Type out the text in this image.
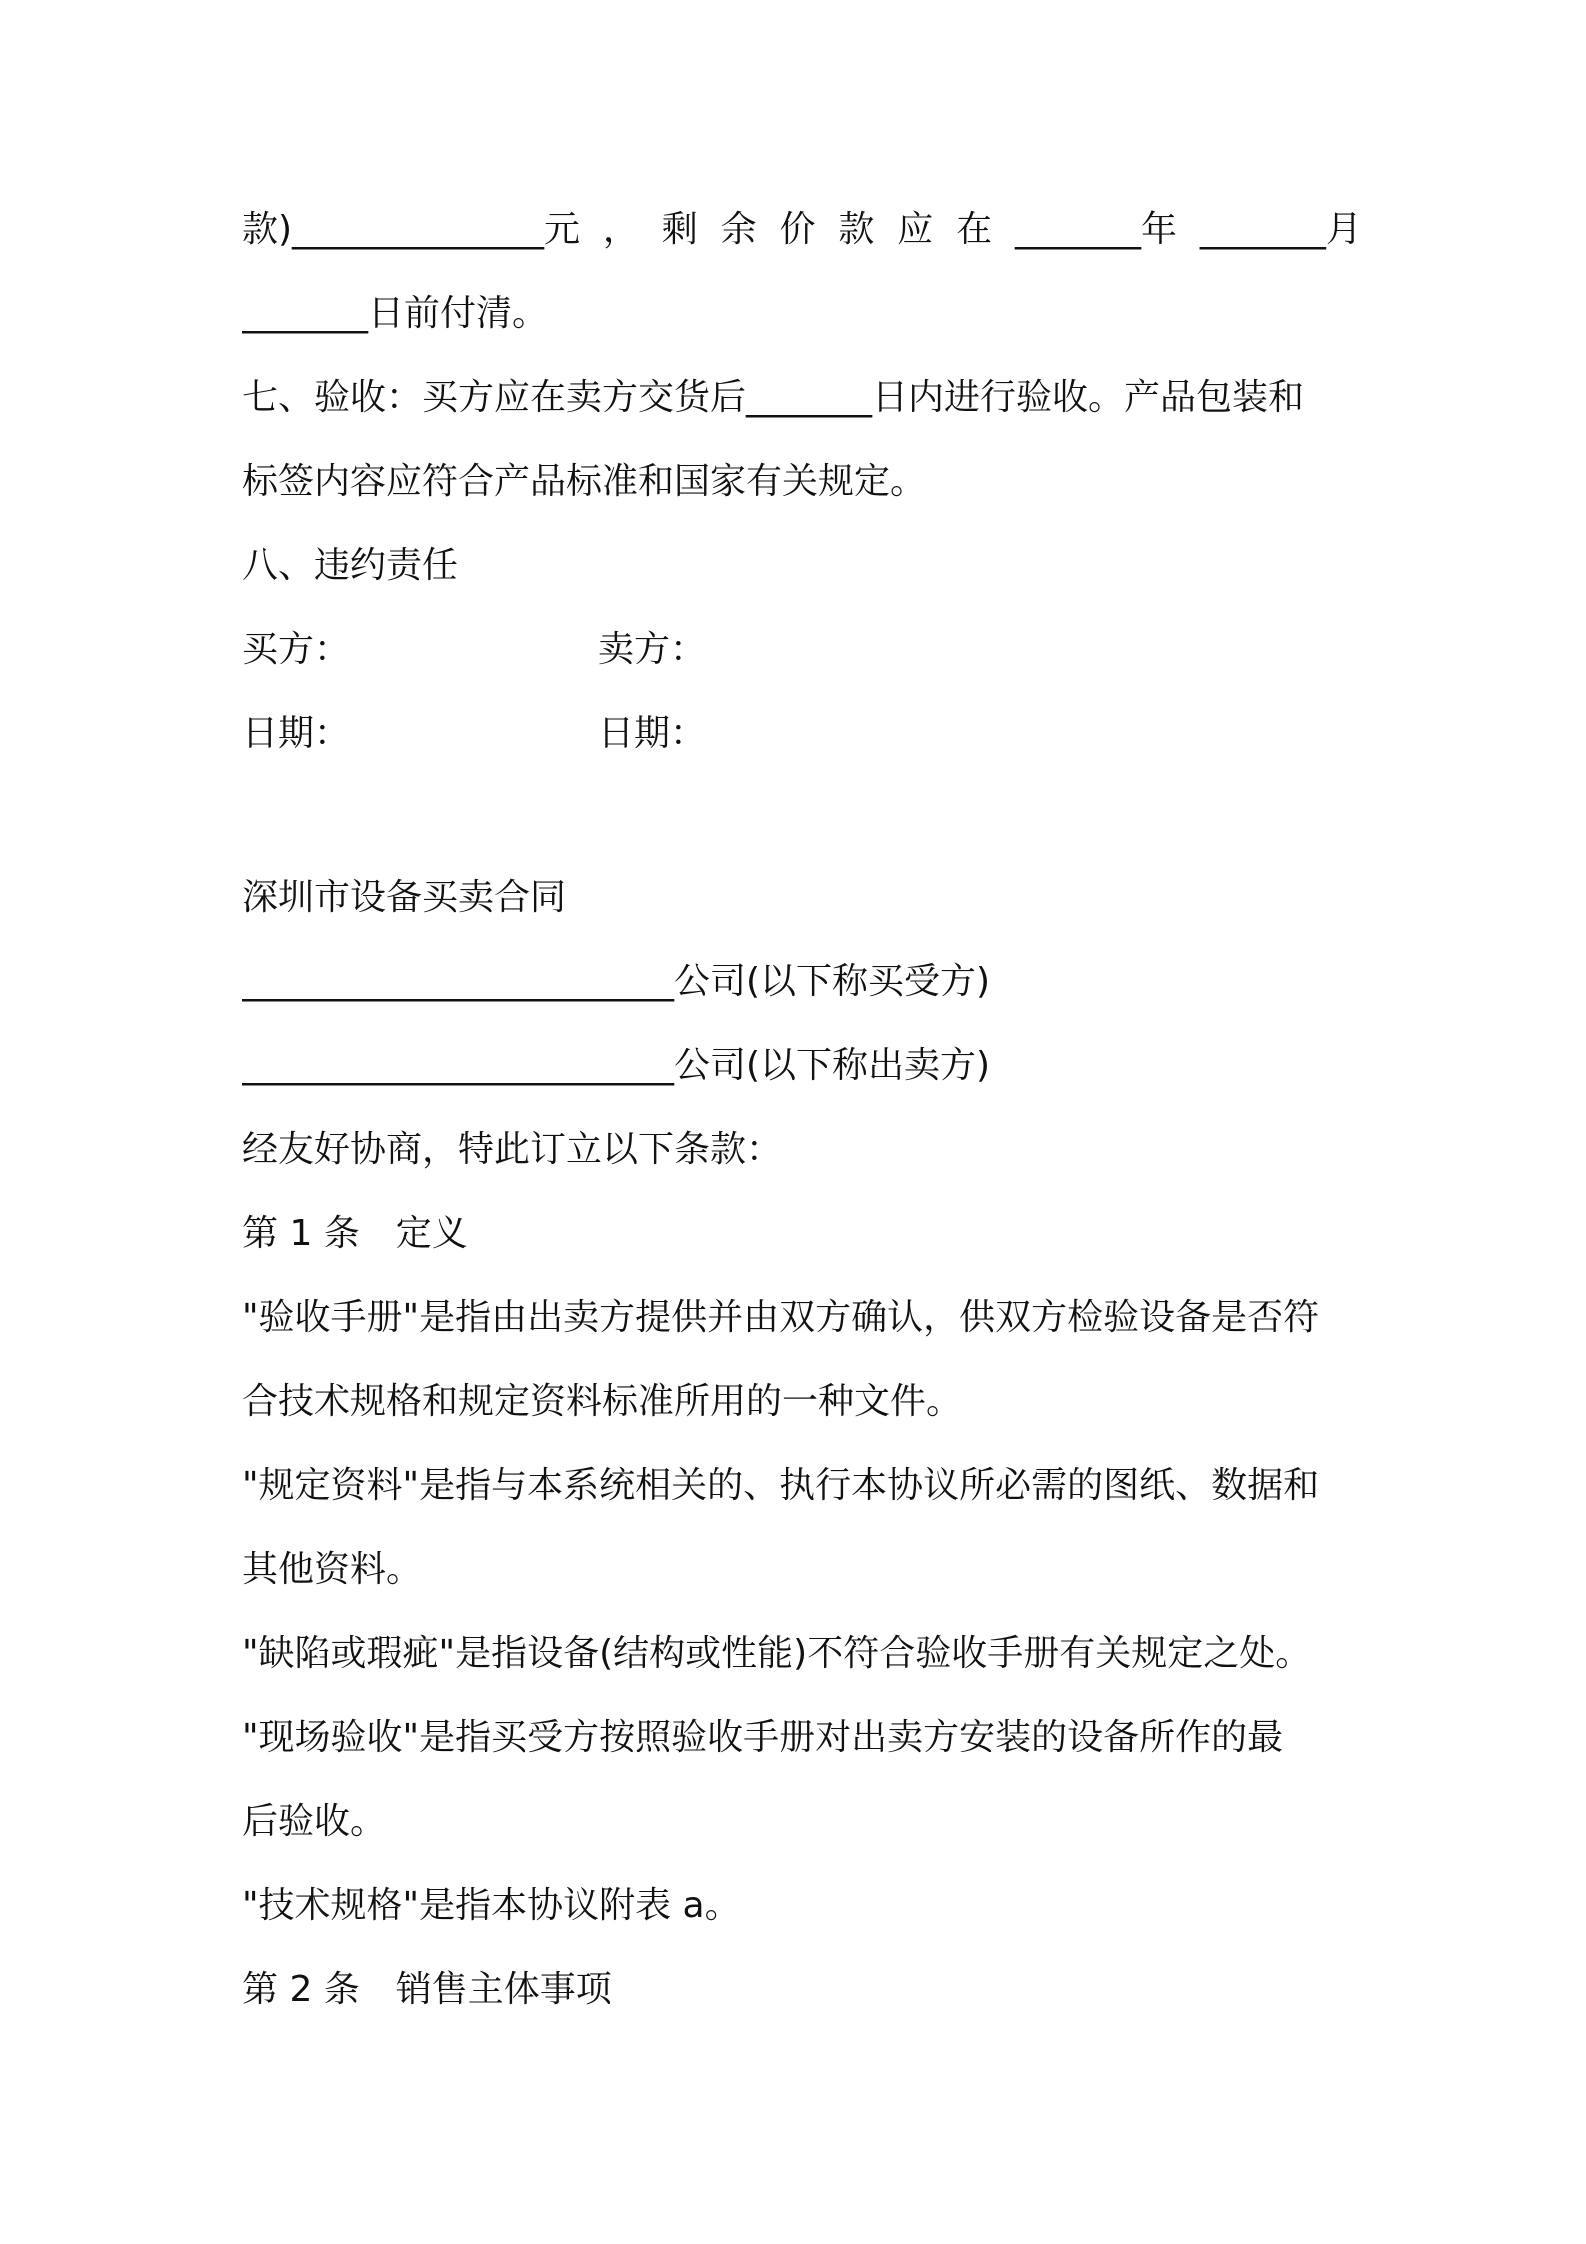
款)______________元 ， 剩 余 价 款 应 在 _______年 _______月
_______日前付清。
七、验收：买方应在卖方交货后_______日内进行验收。产品包装和
标签内容应符合产品标准和国家有关规定。
八、违约责任
买方：	卖方：
日期：	日期：
深圳市设备买卖合同
________________________公司(以下称买受方)
________________________公司(以下称出卖方)
经友好协商，特此订立以下条款：
第 1 条　定义
"验收手册"是指由出卖方提供并由双方确认，供双方检验设备是否符
合技术规格和规定资料标准所用的一种文件。
"规定资料"是指与本系统相关的、执行本协议所必需的图纸、数据和
其他资料。
"缺陷或瑕疵"是指设备(结构或性能)不符合验收手册有关规定之处。
"现场验收"是指买受方按照验收手册对出卖方安装的设备所作的最
后验收。
"技术规格"是指本协议附表 a。
第 2 条　销售主体事项
